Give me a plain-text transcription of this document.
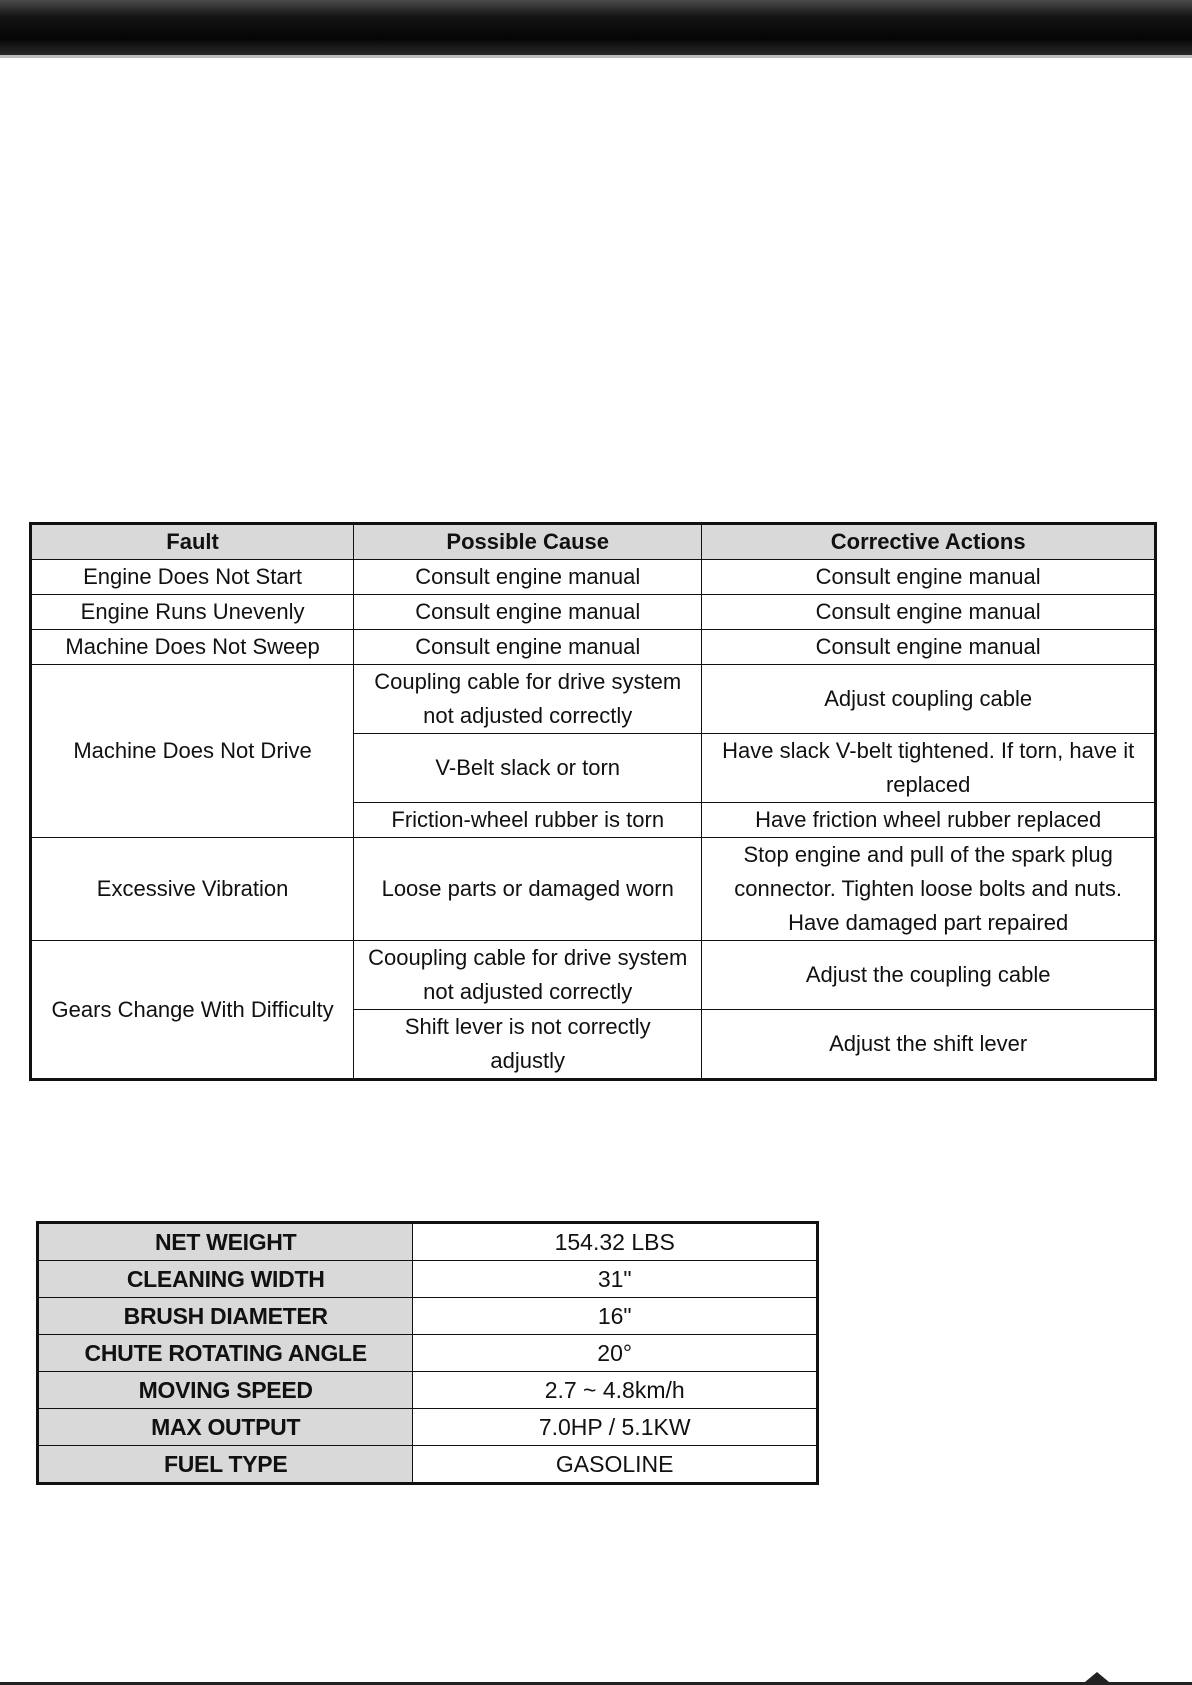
Fault	Possible Cause	Corrective Actions
Engine Does Not Start	Consult engine manual	Consult engine manual
Engine Runs Unevenly	Consult engine manual	Consult engine manual
Machine Does Not Sweep	Consult engine manual	Consult engine manual
Machine Does Not Drive	Coupling cable for drive system not adjusted correctly	Adjust coupling cable
	V-Belt slack or torn	Have slack V-belt tightened. If torn, have it replaced
	Friction-wheel rubber is torn	Have friction wheel rubber replaced
Excessive Vibration	Loose parts or damaged worn	Stop engine and pull of the spark plug connector. Tighten loose bolts and nuts. Have damaged part repaired
Gears Change With Difficulty	Cooupling cable for drive system not adjusted correctly	Adjust the coupling cable
	Shift lever is not correctly adjustly	Adjust the shift lever
NET WEIGHT	154.32 LBS
CLEANING WIDTH	31"
BRUSH DIAMETER	16"
CHUTE ROTATING ANGLE	20°
MOVING SPEED	2.7 ~ 4.8km/h
MAX OUTPUT	7.0HP / 5.1KW
FUEL TYPE	GASOLINE
